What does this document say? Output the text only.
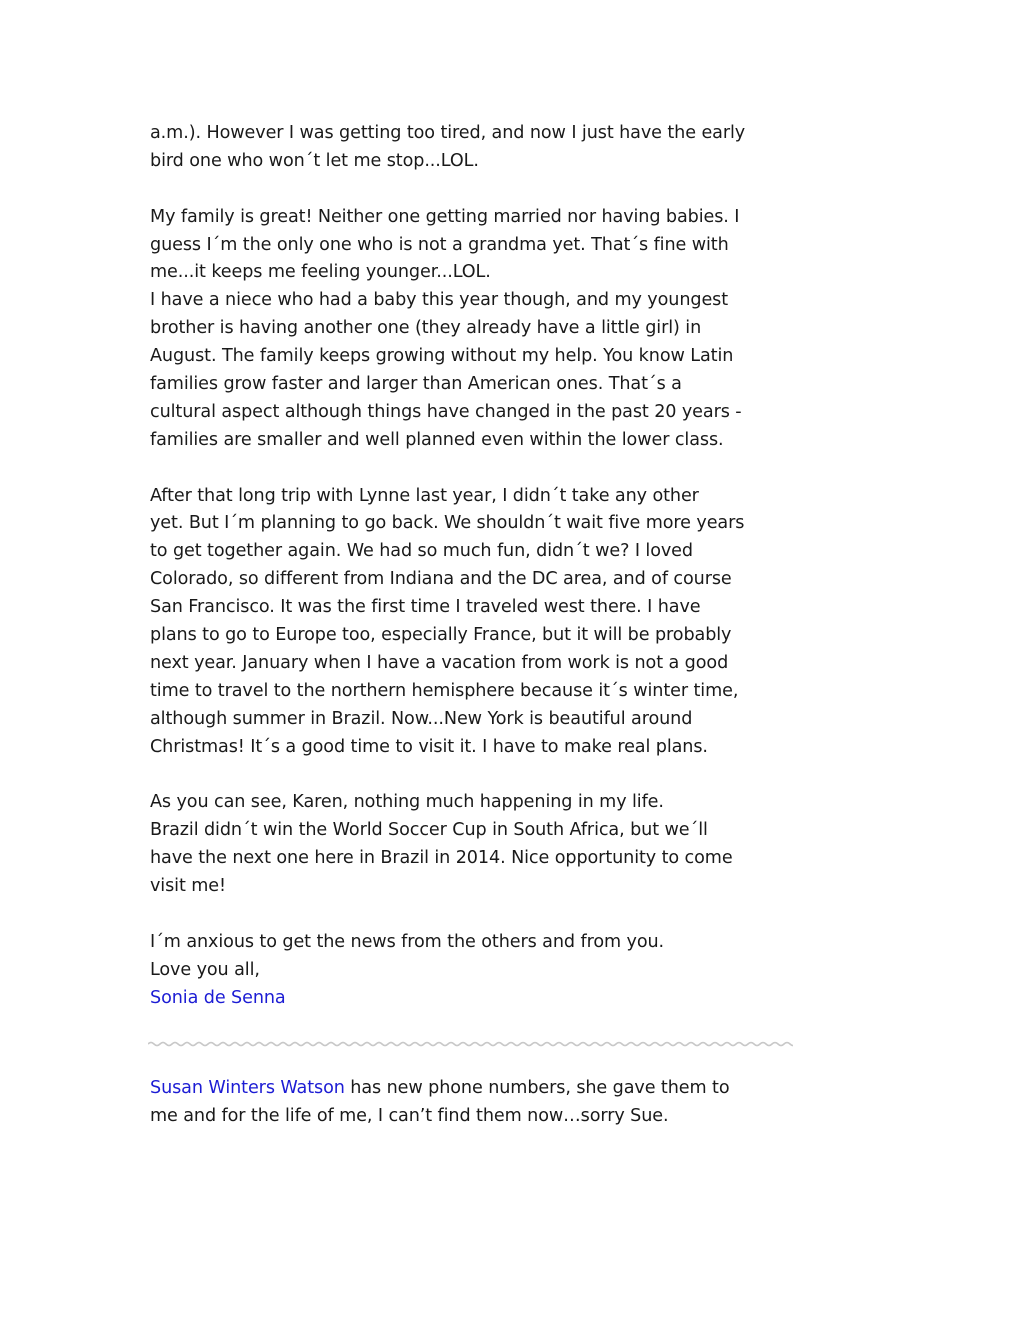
a.m.). However I was getting too tired, and now I just have the early
bird one who won´t let me stop...LOL.
My family is great! Neither one getting married nor having babies. I
guess I´m the only one who is not a grandma yet. That´s fine with
me...it keeps me feeling younger...LOL.
I have a niece who had a baby this year though, and my youngest
brother is having another one (they already have a little girl) in
August. The family keeps growing without my help. You know Latin
families grow faster and larger than American ones. That´s a
cultural aspect although things have changed in the past 20 years -
families are smaller and well planned even within the lower class.
After that long trip with Lynne last year, I didn´t take any other
yet. But I´m planning to go back. We shouldn´t wait five more years
to get together again. We had so much fun, didn´t we? I loved
Colorado, so different from Indiana and the DC area, and of course
San Francisco. It was the first time I traveled west there. I have
plans to go to Europe too, especially France, but it will be probably
next year. January when I have a vacation from work is not a good
time to travel to the northern hemisphere because it´s winter time,
although summer in Brazil. Now...New York is beautiful around
Christmas! It´s a good time to visit it. I have to make real plans.
As you can see, Karen, nothing much happening in my life.
Brazil didn´t win the World Soccer Cup in South Africa, but we´ll
have the next one here in Brazil in 2014. Nice opportunity to come
visit me!
I´m anxious to get the news from the others and from you.
Love you all,
Sonia de Senna
Susan Winters Watson has new phone numbers, she gave them to
me and for the life of me, I can’t find them now…sorry Sue.
